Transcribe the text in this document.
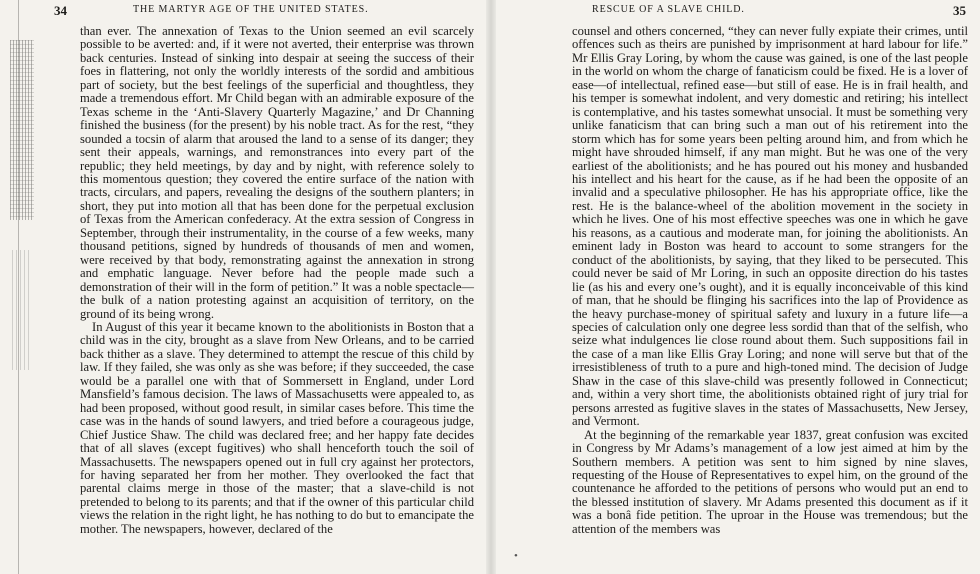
34	THE MARTYR AGE OF THE UNITED STATES.

than ever. The annexation of Texas to the Union seemed an evil scarcely possible to be averted: and, if it were not averted, their enterprise was thrown back centuries. Instead of sinking into despair at seeing the success of their foes in flattering, not only the worldly interests of the sordid and ambitious part of society, but the best feelings of the superficial and thoughtless, they made a tremendous effort. Mr Child began with an admirable exposure of the Texas scheme in the ‘Anti-Slavery Quarterly Magazine,’ and Dr Channing finished the business (for the present) by his noble tract. As for the rest, “they sounded a tocsin of alarm that aroused the land to a sense of its danger; they sent their appeals, warnings, and remonstrances into every part of the republic; they held meetings, by day and by night, with reference solely to this momentous question; they covered the entire surface of the nation with tracts, circulars, and papers, revealing the designs of the southern planters; in short, they put into motion all that has been done for the perpetual exclusion of Texas from the American confederacy. At the extra session of Congress in September, through their instrumentality, in the course of a few weeks, many thousand petitions, signed by hundreds of thousands of men and women, were received by that body, remonstrating against the annexation in strong and emphatic language. Never before had the people made such a demonstration of their will in the form of petition.” It was a noble spectacle—the bulk of a nation protesting against an acquisition of territory, on the ground of its being wrong.

In August of this year it became known to the abolitionists in Boston that a child was in the city, brought as a slave from New Orleans, and to be carried back thither as a slave. They determined to attempt the rescue of this child by law. If they failed, she was only as she was before; if they succeeded, the case would be a parallel one with that of Sommersett in England, under Lord Mansfield’s famous decision. The laws of Massachusetts were appealed to, as had been proposed, without good result, in similar cases before. This time the case was in the hands of sound lawyers, and tried before a courageous judge, Chief Justice Shaw. The child was declared free; and her happy fate decides that of all slaves (except fugitives) who shall henceforth touch the soil of Massachusetts. The newspapers opened out in full cry against her protectors, for having separated her from her mother. They overlooked the fact that parental claims merge in those of the master; that a slave-child is not pretended to belong to its parents; and that if the owner of this particular child views the relation in the right light, he has nothing to do but to emancipate the mother. The newspapers, however, declared of the

RESCUE OF A SLAVE CHILD.	35

counsel and others concerned, “they can never fully expiate their crimes, until offences such as theirs are punished by imprisonment at hard labour for life.” Mr Ellis Gray Loring, by whom the cause was gained, is one of the last people in the world on whom the charge of fanaticism could be fixed. He is a lover of ease—of intellectual, refined ease—but still of ease. He is in frail health, and his temper is somewhat indolent, and very domestic and retiring; his intellect is contemplative, and his tastes somewhat unsocial. It must be something very unlike fanaticism that can bring such a man out of his retirement into the storm which has for some years been pelting around him, and from which he might have shrouded himself, if any man might. But he was one of the very earliest of the abolitionists; and he has poured out his money and husbanded his intellect and his heart for the cause, as if he had been the opposite of an invalid and a speculative philosopher. He has his appropriate office, like the rest. He is the balance-wheel of the abolition movement in the society in which he lives. One of his most effective speeches was one in which he gave his reasons, as a cautious and moderate man, for joining the abolitionists. An eminent lady in Boston was heard to account to some strangers for the conduct of the abolitionists, by saying, that they liked to be persecuted. This could never be said of Mr Loring, in such an opposite direction do his tastes lie (as his and every one’s ought), and it is equally inconceivable of this kind of man, that he should be flinging his sacrifices into the lap of Providence as the heavy purchase-money of spiritual safety and luxury in a future life—a species of calculation only one degree less sordid than that of the selfish, who seize what indulgences lie close round about them. Such suppositions fail in the case of a man like Ellis Gray Loring; and none will serve but that of the irresistibleness of truth to a pure and high-toned mind. The decision of Judge Shaw in the case of this slave-child was presently followed in Connecticut; and, within a very short time, the abolitionists obtained right of jury trial for persons arrested as fugitive slaves in the states of Massachusetts, New Jersey, and Vermont.

At the beginning of the remarkable year 1837, great confusion was excited in Congress by Mr Adams’s management of a low jest aimed at him by the Southern members. A petition was sent to him signed by nine slaves, requesting of the House of Representatives to expel him, on the ground of the countenance he afforded to the petitions of persons who would put an end to the blessed institution of slavery. Mr Adams presented this document as if it was a bonâ fide petition. The uproar in the House was tremendous; but the attention of the members was

•
